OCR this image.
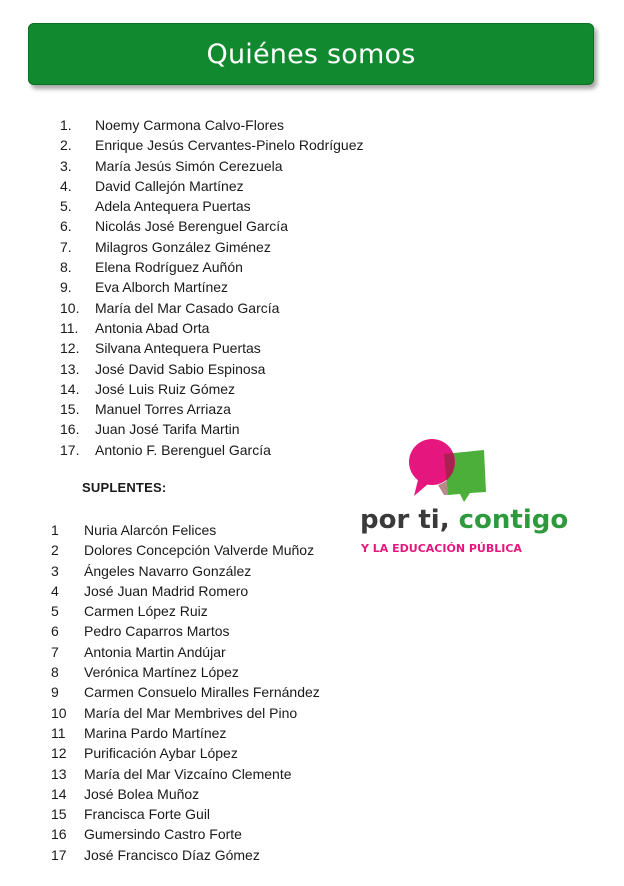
Quiénes somos
1.	Noemy Carmona Calvo-Flores
2.	Enrique Jesús Cervantes-Pinelo Rodríguez
3.	María Jesús Simón Cerezuela
4.	David Callejón Martínez
5.	Adela Antequera Puertas
6.	Nicolás José Berenguel García
7.	Milagros González Giménez
8.	Elena Rodríguez Auñón
9.	Eva Alborch Martínez
10.	María del Mar Casado García
11.	Antonia Abad Orta
12.	Silvana Antequera Puertas
13.	José David Sabio Espinosa
14.	José Luis Ruiz Gómez
15.	Manuel Torres Arriaza
16.	Juan José Tarifa Martin
17.	Antonio F. Berenguel García
SUPLENTES:
1	Nuria Alarcón Felices
2	Dolores Concepción Valverde Muñoz
3	Ángeles Navarro González
4	José Juan Madrid Romero
5	Carmen López Ruiz
6	Pedro Caparros Martos
7	Antonia Martin Andújar
8	Verónica Martínez López
9	Carmen Consuelo Miralles Fernández
10	María del Mar Membrives del Pino
11	Marina Pardo Martínez
12	Purificación Aybar López
13	María del Mar Vizcaíno Clemente
14	José Bolea Muñoz
15	Francisca Forte Guil
16	Gumersindo Castro Forte
17	José Francisco Díaz Gómez
por ti, contigo
Y LA EDUCACIÓN PÚBLICA
